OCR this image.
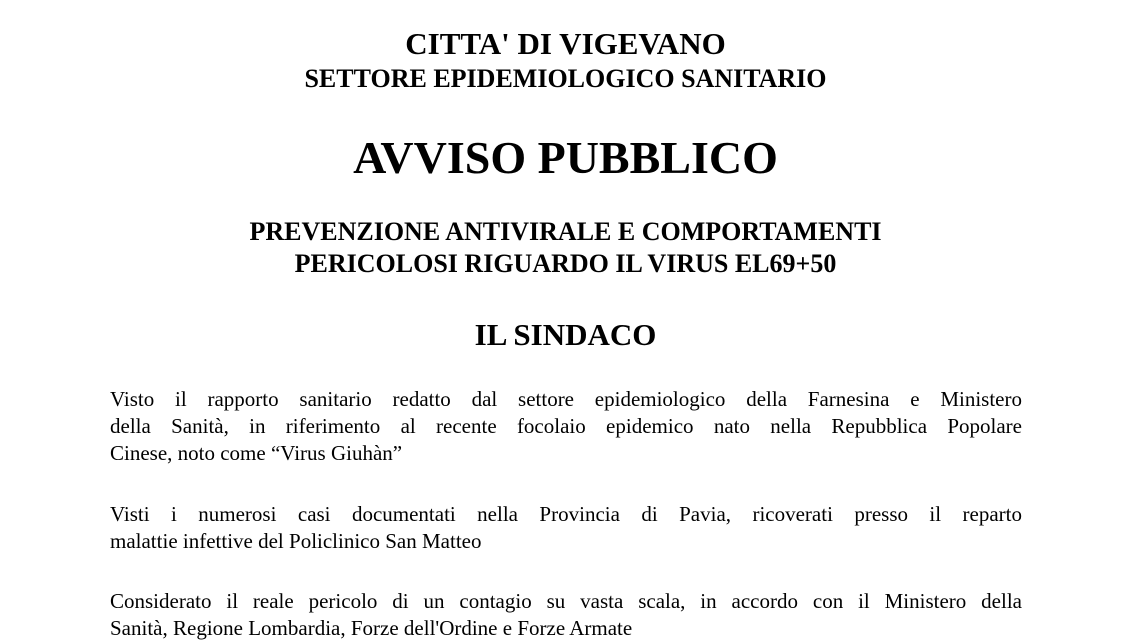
CITTA' DI VIGEVANO
SETTORE EPIDEMIOLOGICO SANITARIO
AVVISO PUBBLICO
PREVENZIONE ANTIVIRALE E COMPORTAMENTI
PERICOLOSI RIGUARDO IL VIRUS EL69+50
IL SINDACO
Visto il rapporto sanitario redatto dal settore epidemiologico della Farnesina e Ministero
della Sanità, in riferimento al recente focolaio epidemico nato nella Repubblica Popolare
Cinese, noto come “Virus Giuhàn”
Visti i numerosi casi documentati nella Provincia di Pavia, ricoverati presso il reparto
malattie infettive del Policlinico San Matteo
Considerato il reale pericolo di un contagio su vasta scala, in accordo con il Ministero della
Sanità, Regione Lombardia, Forze dell'Ordine e Forze Armate
